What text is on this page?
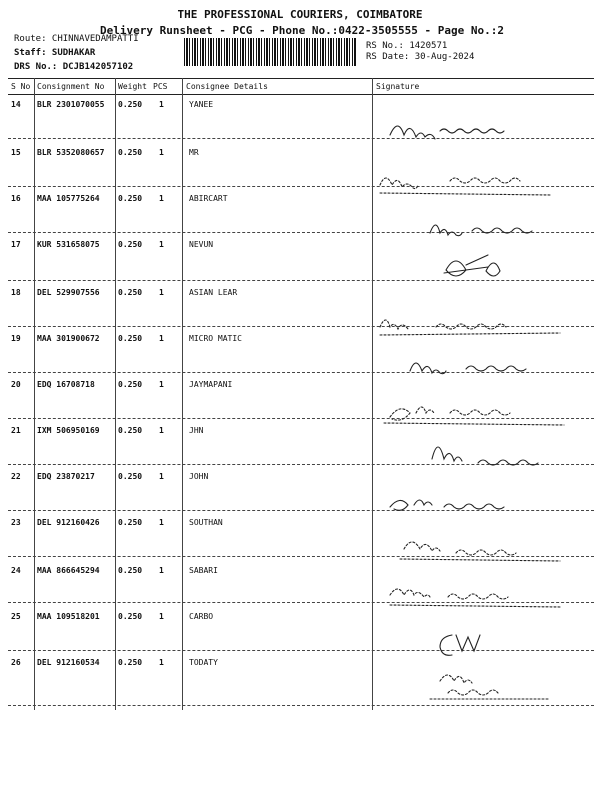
THE PROFESSIONAL COURIERS, COIMBATORE
Delivery Runsheet - PCG - Phone No.:0422-3505555 - Page No.:2
Route: CHINNAVEDAMPATTI
Staff: SUDHAKAR
DRS No.: DCJB142057102
RS No.: 1420571
RS Date: 30-Aug-2024
S No Consignment No Weight PCS Consignee Details	Signature
14 BLR 2301070055 0.250 1	YANEE
15 BLR 5352080657 0.250 1	MR
16 MAA 105775264 0.250 1	ABIRCART
17 KUR 531658075 0.250 1	NEVUN
18 DEL 529907556 0.250 1	ASIAN LEAR
19 MAA 301900672 0.250 1	MICRO MATIC
20 EDQ 16708718	0.250 1	JAYMAPANI
21 IXM 506950169 0.250 1	JHN
22 EDQ 23870217	0.250 1	JOHN
23 DEL 912160426 0.250 1	SOUTHAN
24 MAA 866645294 0.250 1	SABARI
25 MAA 109518201 0.250 1	CARBO
26 DEL 912160534 0.250 1	TODATY
